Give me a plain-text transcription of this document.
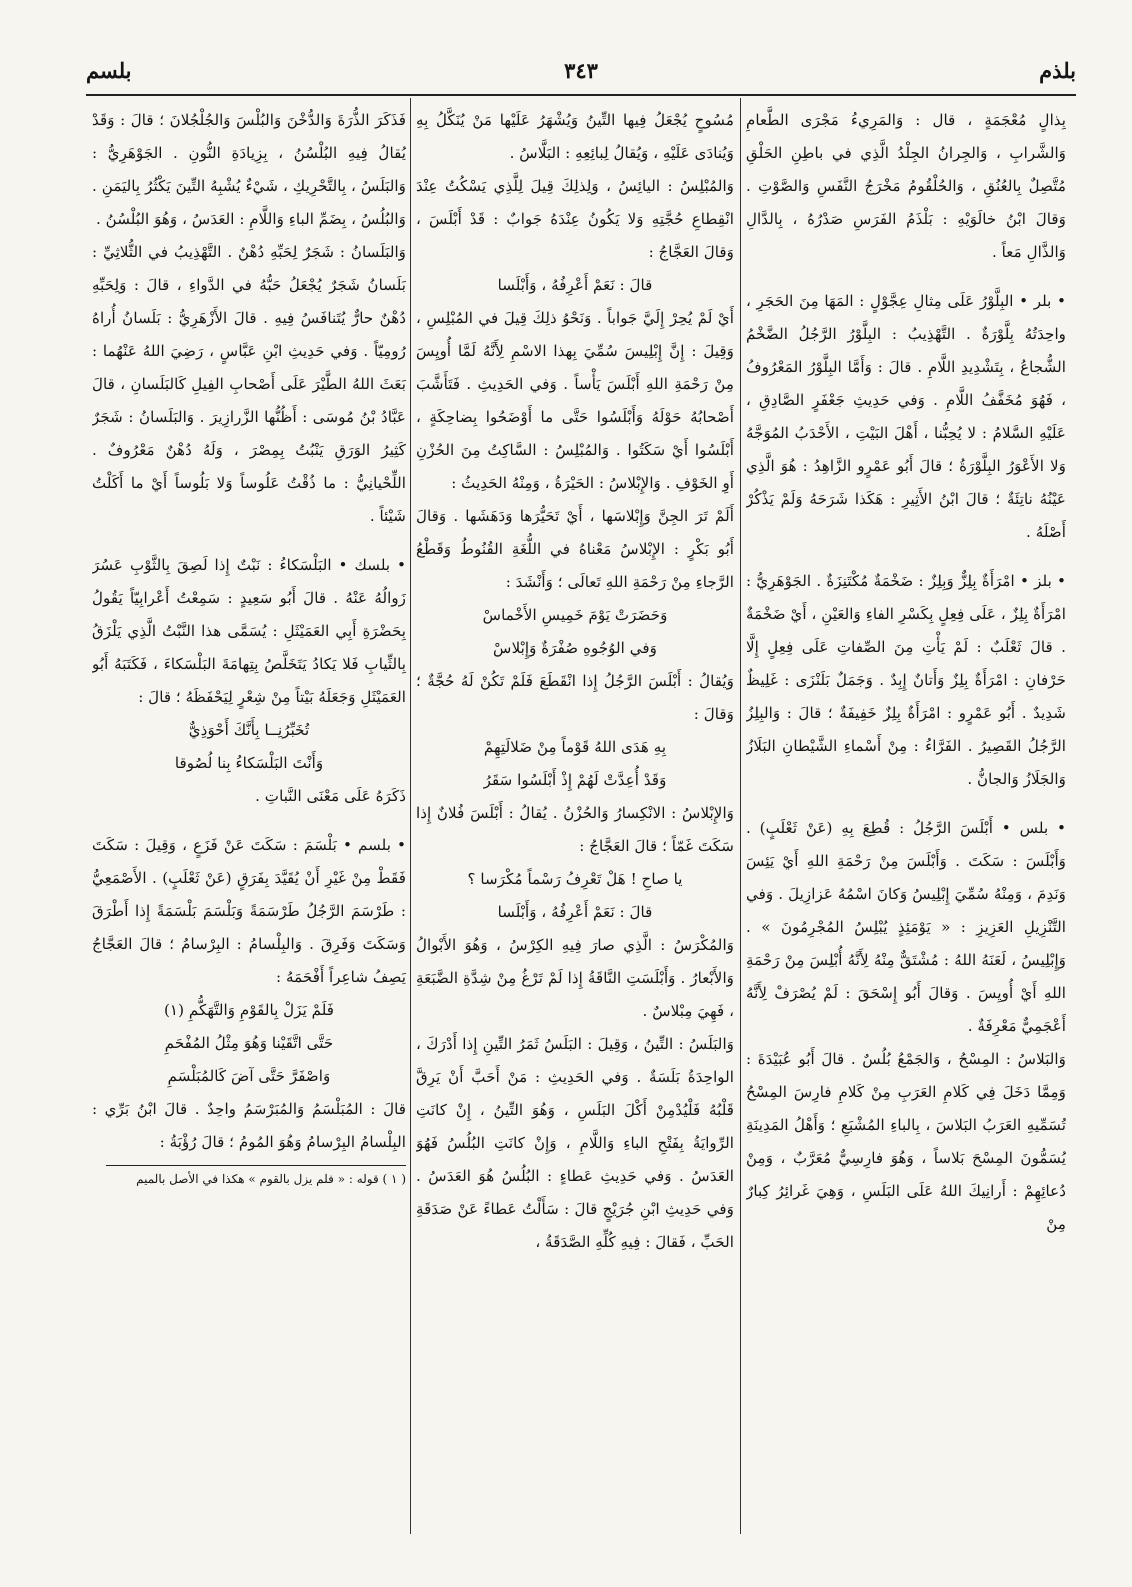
بلذم
٣٤٣
بلسم

بِذالٍ مُعْجَمَةٍ ، قال : وَالمَرِيءُ مَجْرَى الطَّعامِ وَالشَّرابِ ، وَالجِرانُ الجِلْدُ الَّذِي في باطِنِ الحَلْقِ مُتَّصِلٌ بِالعُنُقِ ، وَالحُلْقُومُ مَخْرَجُ النَّفَسِ وَالصَّوْتِ . وَقالَ ابْنُ خالَوَيْهِ : بَلْذَمُ الفَرَسِ صَدْرُهُ ، بِالدَّالِ وَالذَّالِ مَعاً .

• بلر • البِلَّوْرُ عَلَى مِثالِ عِجَّوْلٍ : المَهَا مِنَ الحَجَرِ ، واحِدَتُهُ بِلَّوْرَةٌ . التَّهْذِيبُ : البِلَّوْرُ الرَّجُلُ الضَّخْمُ الشُّجاعُ ، بِتَشْدِيدِ اللَّامِ . قالَ : وَأَمَّا البِلَّوْرُ المَعْرُوفُ ، فَهُوَ مُخَفَّفُ اللَّامِ . وَفي حَدِيثِ جَعْفَرٍ الصَّادِقِ ، عَلَيْهِ السَّلامُ : لا يُحِبُّنا ، أَهْلَ البَيْتِ ، الأَحْدَبُ المُوَجَّهُ وَلا الأَعْوَرُ البِلَّوْرَةُ ؛ قالَ أَبُو عَمْرٍو الزَّاهِدُ : هُوَ الَّذِي عَيْنُهُ ناتِئَةٌ ؛ قالَ ابْنُ الأَثِيرِ : هَكَذا شَرَحَهُ وَلَمْ يَذْكُرْ أَصْلَهُ .

• بلز • امْرَأَةٌ بِلِزٌّ وَبِلِزٌ : ضَخْمَةٌ مُكْتَنِزَةٌ . الجَوْهَرِيُّ : امْرَأَةٌ بِلِزٌ ، عَلَى فِعِلٍ بِكَسْرِ الفاءِ وَالعَيْنِ ، أَيْ ضَخْمَةٌ . قالَ ثَعْلَبٌ : لَمْ يَأْتِ مِنَ الصِّفاتِ عَلَى فِعِلٍ إِلَّا حَرْفانِ : امْرَأَةٌ بِلِزٌ وَأَتانٌ إِبِدٌ . وَجَمَلٌ بَلَنْزَى : غَلِيظٌ شَدِيدٌ . أَبُو عَمْرٍو : امْرَأَةٌ بِلِزٌ خَفِيفَةٌ ؛ قالَ : وَالبِلِزُ الرَّجُلُ القَصِيرُ . الفَرَّاءُ : مِنْ أَسْماءِ الشَّيْطانِ البَلَازُ وَالجَلَازُ وَالجانُّ .

• بلس • أَبْلَسَ الرَّجُلُ : قُطِعَ بِهِ (عَنْ ثَعْلَبٍ) . وَأَبْلَسَ : سَكَتَ . وَأَبْلَسَ مِنْ رَحْمَةِ اللهِ أَيْ يَئِسَ وَنَدِمَ ، وَمِنْهُ سُمِّيَ إِبْلِيسُ وَكانَ اسْمُهُ عَزازِيلَ . وَفي التَّنْزِيلِ العَزِيزِ : « يَوْمَئِذٍ يُبْلِسُ المُجْرِمُونَ » . وَإِبْلِيسُ ، لَعَنَهُ اللهُ : مُشْتَقٌّ مِنْهُ لِأَنَّهُ أُبْلِسَ مِنْ رَحْمَةِ اللهِ أَيْ أُويِسَ . وَقالَ أَبُو إِسْحَقَ : لَمْ يُصْرَفْ لِأَنَّهُ أَعْجَمِيٌّ مَعْرِفَةٌ .

وَالبَلاسُ : المِسْحُ ، وَالجَمْعُ بُلُسٌ . قالَ أَبُو عُبَيْدَةَ : وَمِمَّا دَخَلَ فِي كَلامِ العَرَبِ مِنْ كَلامِ فارِسَ المِسْحُ تُسَمِّيهِ العَرَبُ البَلاسَ ، بِالباءِ المُشْبَعِ ؛ وَأَهْلُ المَدِينَةِ يُسَمُّونَ المِسْحَ بَلاساً ، وَهُوَ فارِسِيٌّ مُعَرَّبٌ ، وَمِنْ دُعائِهِمْ : أَرانِيكَ اللهُ عَلَى البَلَسِ ، وَهِيَ غَرائِرُ كِبارٌ مِنْ

مُسُوحٍ يُجْعَلُ فِيها التِّينُ وَيُشْهَرُ عَلَيْها مَنْ يُنَكَّلُ بِهِ وَيُنادَى عَلَيْهِ ، وَيُقالُ لِبائِعِهِ : البَلَّاسُ .

وَالمُبْلِسُ : اليائِسُ ، وَلِذلِكَ قِيلَ لِلَّذِي يَسْكُتُ عِنْدَ انْقِطاعِ حُجَّتِهِ وَلا يَكُونُ عِنْدَهُ جَوابٌ : قَدْ أَبْلَسَ ، وَقالَ العَجَّاجُ :

قالَ : نَعَمْ أَعْرِفُهُ ، وَأَبْلَسا

أَيْ لَمْ يُحِرْ إِلَيَّ جَواباً . وَنَحْوُ ذلِكَ قِيلَ في المُبْلِسِ ، وَقِيلَ : إِنَّ إِبْلِيسَ سُمِّيَ بِهذا الاسْمِ لِأَنَّهُ لَمَّا أُويِسَ مِنْ رَحْمَةِ اللهِ أَبْلَسَ يَأْساً . وَفي الحَدِيثِ . فَتَأَشَّبَ أَصْحابُهُ حَوْلَهُ وَأَبْلَسُوا حَتَّى ما أَوْضَحُوا بِضاحِكَةٍ ، أَبْلَسُوا أَيْ سَكَتُوا . وَالمُبْلِسُ : السَّاكِتُ مِنَ الحُزْنِ أَوِ الخَوْفِ . وَالإِبْلاسُ : الحَيْرَةُ ، وَمِنْهُ الحَدِيثُ :

أَلَمْ تَرَ الجِنَّ وَإِبْلاسَها ، أَيْ تَحَيُّرَها وَدَهَشَها . وَقالَ أَبُو بَكْرٍ : الإِبْلاسُ مَعْناهُ في اللُّغَةِ القُنُوطُ وَقَطْعُ الرَّجاءِ مِنْ رَحْمَةِ اللهِ تَعالَى ؛ وَأَنْشَدَ :

وَحَضَرَتْ يَوْمَ خَمِيسِ الأَخْماسْ

وَفي الوُجُوهِ صُفْرَةٌ وَإِبْلاسْ

وَيُقالُ : أَبْلَسَ الرَّجُلُ إِذا انْقَطَعَ فَلَمْ تَكُنْ لَهُ حُجَّةٌ ؛ وَقالَ :

بِهِ هَدَى اللهُ قَوْماً مِنْ ضَلالَتِهِمْ

وَقَدْ أُعِدَّتْ لَهُمْ إِذْ أَبْلَسُوا سَقَرُ

وَالإِبْلاسُ : الانْكِسارُ وَالحُزْنُ . يُقالُ : أَبْلَسَ فُلانٌ إِذا سَكَتَ غَمّاً ؛ قالَ العَجَّاجُ :

يا صاحِ ! هَلْ تَعْرِفُ رَسْماً مُكْرَسا ؟

قالَ : نَعَمْ أَعْرِفُهُ ، وَأَبْلَسا

وَالمُكْرَسُ : الَّذِي صارَ فِيهِ الكِرْسُ ، وَهُوَ الأَبْوالُ وَالأَبْعارُ . وَأَبْلَسَتِ النَّاقَةُ إِذا لَمْ تَرْغُ مِنْ شِدَّةِ الضَّبَعَةِ ، فَهِيَ مِبْلاسٌ .

وَالبَلَسُ : التِّينُ ، وَقِيلَ : البَلَسُ ثَمَرُ التِّينِ إِذا أَدْرَكَ ، الواحِدَةُ بَلَسَةٌ . وَفي الحَدِيثِ : مَنْ أَحَبَّ أَنْ يَرِقَّ قَلْبُهُ فَلْيُدْمِنْ أَكْلَ البَلَسِ ، وَهُوَ التِّينُ ، إِنْ كانَتِ الرِّوايَةُ بِفَتْحِ الباءِ وَاللَّامِ ، وَإِنْ كانَتِ البُلُسُ فَهُوَ العَدَسُ . وَفي حَدِيثِ عَطاءٍ : البُلُسُ هُوَ العَدَسُ . وَفي حَدِيثِ ابْنِ جُرَيْجٍ قالَ : سَأَلْتُ عَطاءً عَنْ صَدَقَةِ الحَبِّ ، فَقالَ : فِيهِ كُلِّهِ الصَّدَقَةُ ،

فَذَكَرَ الذُّرَةَ وَالدُّخْنَ وَالبُلْسَ وَالجُلْجُلانَ ؛ قالَ : وَقَدْ يُقالُ فِيهِ البُلْسُنُ ، بِزِيادَةِ النُّونِ . الجَوْهَرِيُّ : وَالبَلَسُ ، بِالتَّحْرِيكِ ، شَيْءٌ يُشْبِهُ التِّينَ يَكْثُرُ بِاليَمَنِ . وَالبُلُسُ ، بِضَمِّ الباءِ وَاللَّامِ : العَدَسُ ، وَهُوَ البُلْسُنُ .

وَالبَلَسانُ : شَجَرٌ لِحَبِّهِ دُهْنٌ . التَّهْذِيبُ في الثُّلاثِيِّ : بَلَسانُ شَجَرٌ يُجْعَلُ حَبُّهُ في الدَّواءِ ، قالَ : وَلِحَبِّهِ دُهْنٌ حارٌّ يُتَنافَسُ فِيهِ . قالَ الأَزْهَرِيُّ : بَلَسانُ أُراهُ رُومِيّاً . وَفي حَدِيثِ ابْنِ عَبَّاسٍ ، رَضِيَ اللهُ عَنْهُما : بَعَثَ اللهُ الطَّيْرَ عَلَى أَصْحابِ الفِيلِ كَالبَلَسانِ ، قالَ عَبَّادُ بْنُ مُوسَى : أَظُنُّها الزَّرازِيرَ . وَالبَلَسانُ : شَجَرٌ كَثِيرُ الوَرَقِ يَنْبُتُ بِمِصْرَ ، وَلَهُ دُهْنٌ مَعْرُوفٌ . اللِّحْيانِيُّ : ما ذُقْتُ عَلُوساً وَلا بَلُوساً أَيْ ما أَكَلْتُ شَيْئاً .

• بلسك • البَلْسَكاءُ : نَبْتٌ إِذا لَصِقَ بِالثَّوْبِ عَسُرَ زَوالُهُ عَنْهُ . قالَ أَبُو سَعِيدٍ : سَمِعْتُ أَعْرابِيّاً يَقُولُ بِحَضْرَةِ أَبِي العَمَيْثَلِ : يُسَمَّى هذا النَّبْتُ الَّذِي يَلْزَقُ بِالثِّيابِ فَلا يَكادُ يَتَخَلَّصُ بِتِهامَةَ البَلْسَكاءَ ، فَكَتَبَهُ أَبُو العَمَيْثَلِ وَجَعَلَهُ بَيْتاً مِنْ شِعْرٍ لِيَحْفَظَهُ ؛ قالَ :

تُخَبِّرُنِــا بِأَنَّكَ أَحْوَذِيٌّ

وَأَنْتَ البَلْسَكاءُ بِنا لُصُوقا

ذَكَرَهُ عَلَى مَعْنَى النَّباتِ .

• بلسم • بَلْسَمَ : سَكَتَ عَنْ فَزَعٍ ، وَقِيلَ : سَكَتَ فَقَطْ مِنْ غَيْرِ أَنْ يُقَيَّدَ بِفَرَقٍ (عَنْ ثَعْلَبٍ) . الأَصْمَعِيُّ : طَرْسَمَ الرَّجُلُ طَرْسَمَةً وَبَلْسَمَ بَلْسَمَةً إِذا أَطْرَقَ وَسَكَتَ وَفَرِقَ . وَالبِلْسامُ : البِرْسامُ ؛ قالَ العَجَّاجُ يَصِفُ شاعِراً أَفْحَمَهُ :

فَلَمْ يَزَلْ بِالقَوْمِ وَالتَّهَكُّمِ (١)

حَتَّى اتَّقَيْنا وَهُوَ مِثْلُ المُفْحَمِ

وَاصْفَرَّ حَتَّى آضَ كَالمُبَلْسَمِ

قالَ : المُبَلْسَمُ وَالمُبَرْسَمُ واحِدٌ . قالَ ابْنُ بَرِّي : البِلْسامُ البِرْسامُ وَهُوَ المُومُ ؛ قالَ رُؤْبَةُ :

( ١ ) قوله : « فلم يزل بالقوم » هكذا في الأصل بالميم
